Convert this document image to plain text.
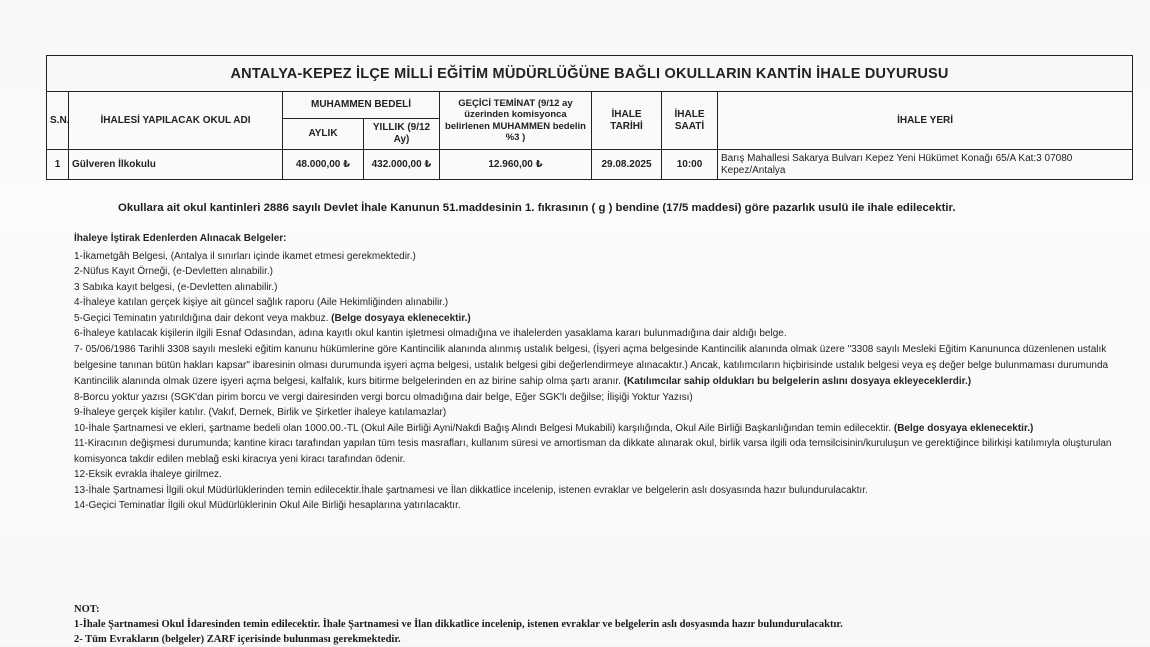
ANTALYA-KEPEZ İLÇE MİLLİ EĞİTİM MÜDÜRLÜĞÜNE BAĞLI OKULLARIN KANTİN İHALE DUYURUSU							
S.N.	İHALESİ YAPILACAK OKUL ADI	MUHAMMEN BEDELİ		GEÇİCİ TEMİNAT (9/12 ay üzerinden komisyonca belirlenen MUHAMMEN bedelin %3 )	İHALE TARİHİ	İHALE SAATİ	İHALE YERİ
		AYLIK	YILLIK (9/12 Ay)				
1	Gülveren İlkokulu	48.000,00 ₺	432.000,00 ₺	12.960,00 ₺	29.08.2025	10:00	Barış Mahallesi Sakarya Bulvarı Kepez Yeni Hükümet Konağı 65/A Kat:3 07080 Kepez/Antalya
Okullara ait okul kantinleri 2886 sayılı Devlet İhale Kanunun 51.maddesinin 1. fıkrasının ( g ) bendine (17/5 maddesi) göre pazarlık usulü ile ihale edilecektir.
İhaleye İştirak Edenlerden Alınacak Belgeler:
1-İkametgâh Belgesi, (Antalya il sınırları içinde ikamet etmesi gerekmektedir.)
2-Nüfus Kayıt Örneği, (e-Devletten alınabilir.)
3 Sabıka kayıt belgesi, (e-Devletten alınabilir.)
4-İhaleye katılan gerçek kişiye ait güncel sağlık raporu (Aile Hekimliğinden alınabilir.)
5-Geçici Teminatın yatırıldığına dair dekont veya makbuz. (Belge dosyaya eklenecektir.)
6-İhaleye katılacak kişilerin ilgili Esnaf Odasından, adına kayıtlı okul kantin işletmesi olmadığına ve ihalelerden yasaklama kararı bulunmadığına dair aldığı belge.
7- 05/06/1986 Tarihli 3308 sayılı mesleki eğitim kanunu hükümlerine göre Kantincilik alanında alınmış ustalık belgesi, (İşyeri açma belgesinde Kantincilik alanında olmak üzere "3308 sayılı Mesleki Eğitim Kanununca düzenlenen ustalık belgesine tanınan bütün hakları kapsar" ibaresinin olması durumunda işyeri açma belgesi, ustalık belgesi gibi değerlendirmeye alınacaktır.) Ancak, katılımcıların hiçbirisinde ustalık belgesi veya eş değer belge bulunmaması durumunda Kantincilik alanında olmak üzere işyeri açma belgesi, kalfalık, kurs bitirme belgelerinden en az birine sahip olma şartı aranır. (Katılımcılar sahip oldukları bu belgelerin aslını dosyaya ekleyeceklerdir.)
8-Borcu yoktur yazısı (SGK'dan pirim borcu ve vergi dairesinden vergi borcu olmadığına dair belge, Eğer SGK'lı değilse; İlişiği Yoktur Yazısı)
9-İhaleye gerçek kişiler katılır. (Vakıf, Dernek, Birlik ve Şirketler ihaleye katılamazlar)
10-İhale Şartnamesi ve ekleri, şartname bedeli olan 1000.00.-TL (Okul Aile Birliği Ayni/Nakdi Bağış Alındı Belgesi Mukabili) karşılığında, Okul Aile Birliği Başkanlığından temin edilecektir. (Belge dosyaya eklenecektir.)
11-Kiracının değişmesi durumunda; kantine kiracı tarafından yapılan tüm tesis masrafları, kullanım süresi ve amortisman da dikkate alınarak okul, birlik varsa ilgili oda temsilcisinin/kuruluşun ve gerektiğince bilirkişi katılımıyla oluşturulan komisyonca takdir edilen meblağ eski kiracıya yeni kiracı tarafından ödenir.
12-Eksik evrakla ihaleye girilmez.
13-İhale Şartnamesi İlgili okul Müdürlüklerinden temin edilecektir.İhale şartnamesi ve İlan dikkatlice incelenip, istenen evraklar ve belgelerin aslı dosyasında hazır bulundurulacaktır.
14-Geçici Teminatlar İlgili okul Müdürlüklerinin Okul Aile Birliği hesaplarına yatırılacaktır.
NOT:
1-İhale Şartnamesi Okul İdaresinden temin edilecektir. İhale Şartnamesi ve İlan dikkatlice incelenip, istenen evraklar ve belgelerin aslı dosyasında hazır bulundurulacaktır.
2- Tüm Evrakların (belgeler) ZARF içerisinde bulunması gerekmektedir.
